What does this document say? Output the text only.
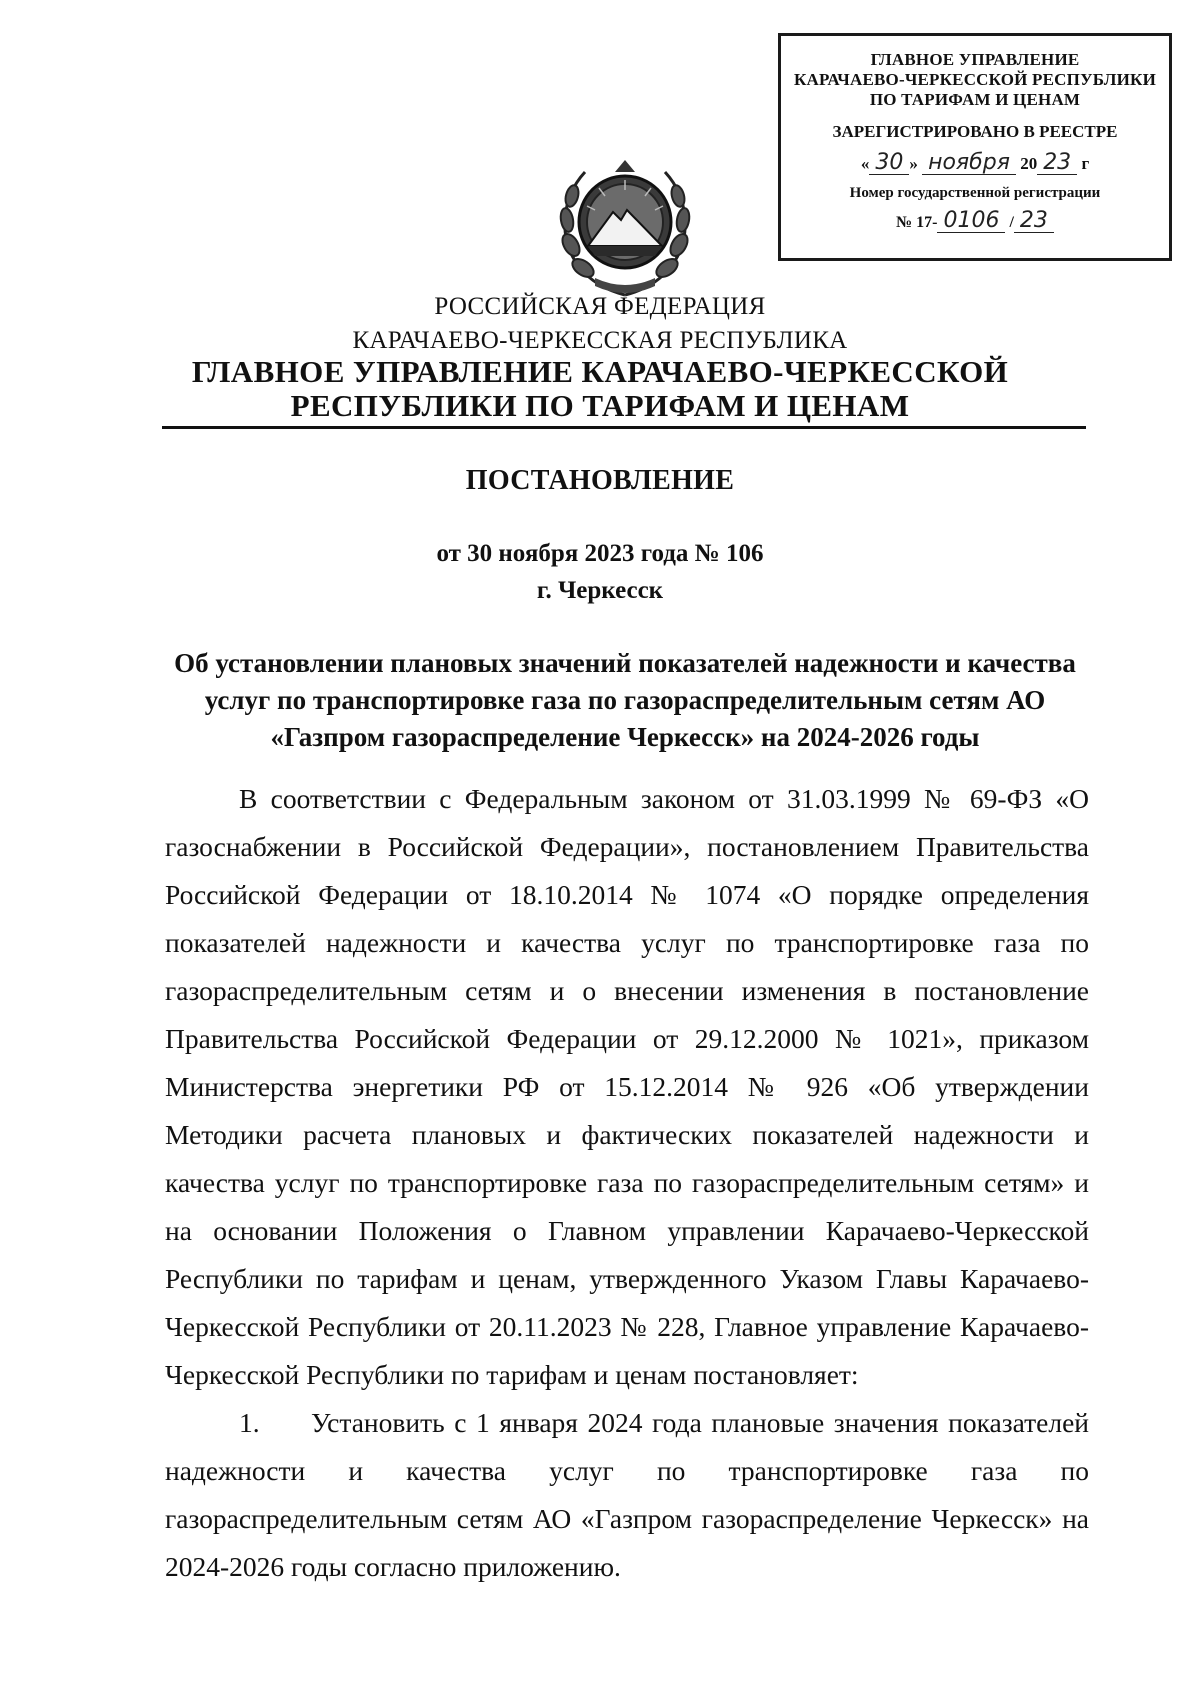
ГЛАВНОЕ УПРАВЛЕНИЕ
КАРАЧАЕВО-ЧЕРКЕССКОЙ РЕСПУБЛИКИ
ПО ТАРИФАМ И ЦЕНАМ
ЗАРЕГИСТРИРОВАНО В РЕЕСТРЕ
« 30 » ноября 20 23 г
Номер государственной регистрации
№ 17- 0106 / 23
РОССИЙСКАЯ ФЕДЕРАЦИЯ
КАРАЧАЕВО-ЧЕРКЕССКАЯ РЕСПУБЛИКА
ГЛАВНОЕ УПРАВЛЕНИЕ КАРАЧАЕВО-ЧЕРКЕССКОЙ
РЕСПУБЛИКИ ПО ТАРИФАМ И ЦЕНАМ
ПОСТАНОВЛЕНИЕ
от 30 ноября 2023 года № 106
г. Черкесск
Об установлении плановых значений показателей надежности и качества услуг по транспортировке газа по газораспределительным сетям АО «Газпром газораспределение Черкесск» на 2024-2026 годы

В соответствии с Федеральным законом от 31.03.1999 № 69-ФЗ «О газоснабжении в Российской Федерации», постановлением Правительства Российской Федерации от 18.10.2014 № 1074 «О порядке определения показателей надежности и качества услуг по транспортировке газа по газораспределительным сетям и о внесении изменения в постановление Правительства Российской Федерации от 29.12.2000 № 1021», приказом Министерства энергетики РФ от 15.12.2014 № 926 «Об утверждении Методики расчета плановых и фактических показателей надежности и качества услуг по транспортировке газа по газораспределительным сетям» и на основании Положения о Главном управлении Карачаево-Черкесской Республики по тарифам и ценам, утвержденного Указом Главы Карачаево-Черкесской Республики от 20.11.2023 № 228, Главное управление Карачаево-Черкесской Республики по тарифам и ценам постановляет:

1. Установить с 1 января 2024 года плановые значения показателей надежности и качества услуг по транспортировке газа по газораспределительным сетям АО «Газпром газораспределение Черкесск» на 2024-2026 годы согласно приложению.
